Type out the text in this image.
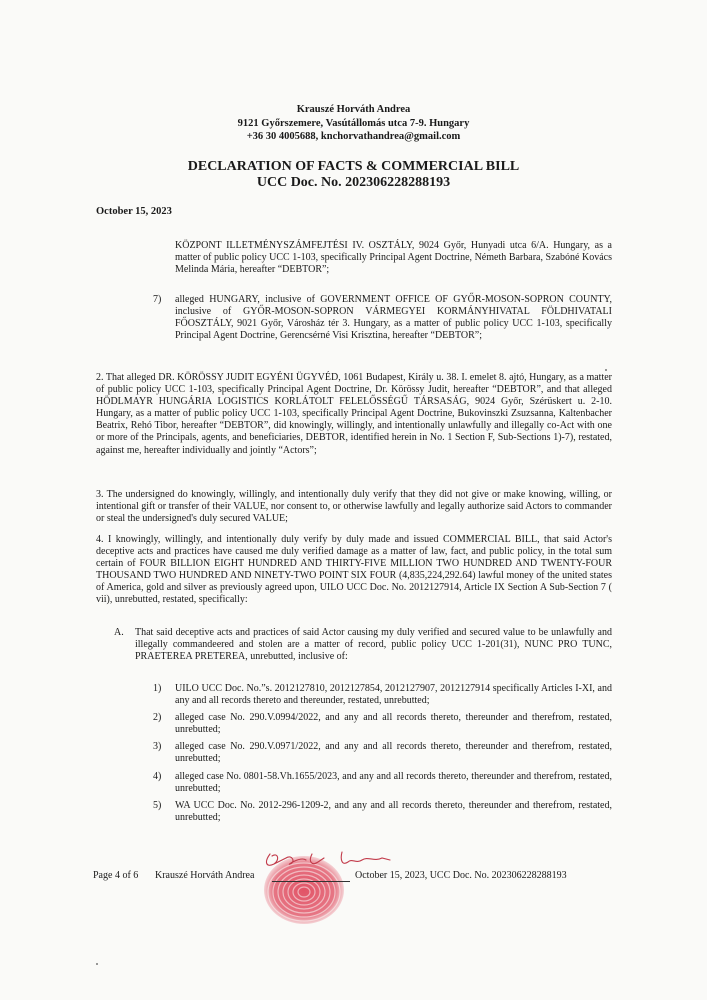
Krauszé Horváth Andrea
9121 Győrszemere, Vasútállomás utca 7-9. Hungary
+36 30 4005688, knchorvathandrea@gmail.com
DECLARATION OF FACTS & COMMERCIAL BILL
UCC Doc. No. 202306228288193
October 15, 2023

KÖZPONT ILLETMÉNYSZÁMFEJTÉSI IV. OSZTÁLY, 9024 Győr, Hunyadi utca 6/A. Hungary, as a matter of public policy UCC 1-103, specifically Principal Agent Doctrine, Németh Barbara, Szabóné Kovács Melinda Mária, hereafter “DEBTOR”;

7) alleged HUNGARY, inclusive of GOVERNMENT OFFICE OF GYŐR-MOSON-SOPRON COUNTY, inclusive of GYŐR-MOSON-SOPRON VÁRMEGYEI KORMÁNYHIVATAL FÖLDHIVATALI FŐOSZTÁLY, 9021 Győr, Városház tér 3. Hungary, as a matter of public policy UCC 1-103, specifically Principal Agent Doctrine, Gerencsérné Visi Krisztina, hereafter “DEBTOR”;

2. That alleged DR. KÖRÖSSY JUDIT EGYÉNI ÜGYVÉD, 1061 Budapest, Király u. 38. I. emelet 8. ajtó, Hungary, as a matter of public policy UCC 1-103, specifically Principal Agent Doctrine, Dr. Körössy Judit, hereafter “DEBTOR”, and that alleged HÖDLMAYR HUNGÁRIA LOGISTICS KORLÁTOLT FELELŐSSÉGŰ TÁRSASÁG, 9024 Győr, Szérüskert u. 2-10. Hungary, as a matter of public policy UCC 1-103, specifically Principal Agent Doctrine, Bukovinszki Zsuzsanna, Kaltenbacher Beatrix, Rehó Tibor, hereafter “DEBTOR”, did knowingly, willingly, and intentionally unlawfully and illegally co-Act with one or more of the Principals, agents, and beneficiaries, DEBTOR, identified herein in No. 1 Section F, Sub-Sections 1)-7), restated, against me, hereafter individually and jointly “Actors”;

3. The undersigned do knowingly, willingly, and intentionally duly verify that they did not give or make knowing, willing, or intentional gift or transfer of their VALUE, nor consent to, or otherwise lawfully and legally authorize said Actors to commander or steal the undersigned's duly secured VALUE;

4. I knowingly, willingly, and intentionally duly verify by duly made and issued COMMERCIAL BILL, that said Actor's deceptive acts and practices have caused me duly verified damage as a matter of law, fact, and public policy, in the total sum certain of FOUR BILLION EIGHT HUNDRED AND THIRTY-FIVE MILLION TWO HUNDRED AND TWENTY-FOUR THOUSAND TWO HUNDRED AND NINETY-TWO POINT SIX FOUR (4,835,224,292.64) lawful money of the united states of America, gold and silver as previously agreed upon, UILO UCC Doc. No. 2012127914, Article IX Section A Sub-Section 7 ( vii), unrebutted, restated, specifically:

A. That said deceptive acts and practices of said Actor causing my duly verified and secured value to be unlawfully and illegally commandeered and stolen are a matter of record, public policy UCC 1-201(31), NUNC PRO TUNC, PRAETEREA PRETEREA, unrebutted, inclusive of:

1) UILO UCC Doc. No.”s. 2012127810, 2012127854, 2012127907, 2012127914 specifically Articles I-XI, and any and all records thereto and thereunder, restated, unrebutted;

2) alleged case No. 290.V.0994/2022, and any and all records thereto, thereunder and therefrom, restated, unrebutted;

3) alleged case No. 290.V.0971/2022, and any and all records thereto, thereunder and therefrom, restated, unrebutted;

4) alleged case No. 0801-58.Vh.1655/2023, and any and all records thereto, thereunder and therefrom, restated, unrebutted;

5) WA UCC Doc. No. 2012-296-1209-2, and any and all records thereto, thereunder and therefrom, restated, unrebutted;

Page 4 of 6 Krauszé Horváth Andrea	October 15, 2023, UCC Doc. No. 202306228288193
